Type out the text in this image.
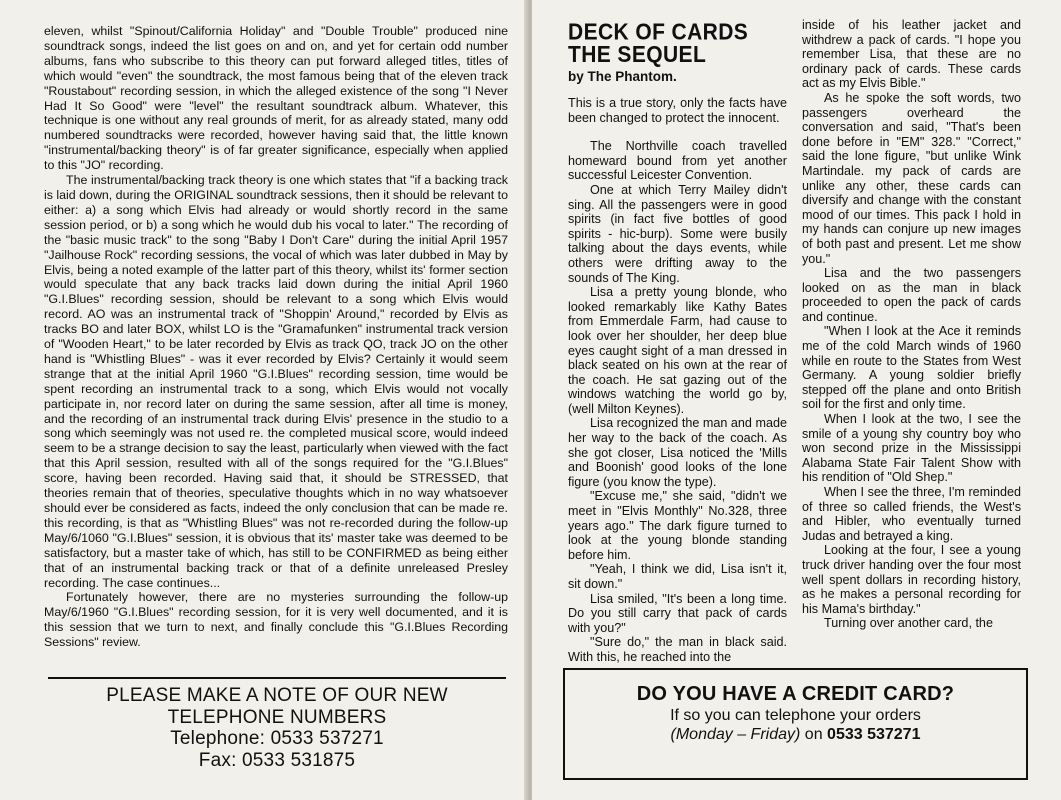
eleven, whilst "Spinout/California Holiday" and "Double Trouble" produced nine soundtrack songs, indeed the list goes on and on, and yet for certain odd number albums, fans who subscribe to this theory can put forward alleged titles, titles of which would "even" the soundtrack, the most famous being that of the eleven track "Roustabout" recording session, in which the alleged existence of the song "I Never Had It So Good" were "level" the resultant soundtrack album. Whatever, this technique is one without any real grounds of merit, for as already stated, many odd numbered soundtracks were recorded, however having said that, the little known "instrumental/backing theory" is of far greater significance, especially when applied to this "JO" recording.

The instrumental/backing track theory is one which states that "if a backing track is laid down, during the ORIGINAL soundtrack sessions, then it should be relevant to either: a) a song which Elvis had already or would shortly record in the same session period, or b) a song which he would dub his vocal to later." The recording of the "basic music track" to the song "Baby I Don't Care" during the initial April 1957 "Jailhouse Rock" recording sessions, the vocal of which was later dubbed in May by Elvis, being a noted example of the latter part of this theory, whilst its' former section would speculate that any back tracks laid down during the initial April 1960 "G.I.Blues" recording session, should be relevant to a song which Elvis would record. AO was an instrumental track of "Shoppin' Around," recorded by Elvis as tracks BO and later BOX, whilst LO is the "Gramafunken" instrumental track version of "Wooden Heart," to be later recorded by Elvis as track QO, track JO on the other hand is "Whistling Blues" - was it ever recorded by Elvis? Certainly it would seem strange that at the initial April 1960 "G.I.Blues" recording session, time would be spent recording an instrumental track to a song, which Elvis would not vocally participate in, nor record later on during the same session, after all time is money, and the recording of an instrumental track during Elvis' presence in the studio to a song which seemingly was not used re. the completed musical score, would indeed seem to be a strange decision to say the least, particularly when viewed with the fact that this April session, resulted with all of the songs required for the "G.I.Blues" score, having been recorded. Having said that, it should be STRESSED, that theories remain that of theories, speculative thoughts which in no way whatsoever should ever be considered as facts, indeed the only conclusion that can be made re. this recording, is that as "Whistling Blues" was not re-recorded during the follow-up May/6/1060 "G.I.Blues" session, it is obvious that its' master take was deemed to be satisfactory, but a master take of which, has still to be CONFIRMED as being either that of an instrumental backing track or that of a definite unreleased Presley recording. The case continues...

Fortunately however, there are no mysteries surrounding the follow-up May/6/1960 "G.I.Blues" recording session, for it is very well documented, and it is this session that we turn to next, and finally conclude this "G.I.Blues Recording Sessions" review.

PLEASE MAKE A NOTE OF OUR NEW
TELEPHONE NUMBERS
Telephone: 0533 537271
Fax: 0533 531875
DECK OF CARDS
THE SEQUEL
by The Phantom.

This is a true story, only the facts have been changed to protect the innocent.

The Northville coach travelled homeward bound from yet another successful Leicester Convention.

One at which Terry Mailey didn't sing. All the passengers were in good spirits (in fact five bottles of good spirits - hic-burp). Some were busily talking about the days events, while others were drifting away to the sounds of The King.

Lisa a pretty young blonde, who looked remarkably like Kathy Bates from Emmerdale Farm, had cause to look over her shoulder, her deep blue eyes caught sight of a man dressed in black seated on his own at the rear of the coach. He sat gazing out of the windows watching the world go by, (well Milton Keynes).

Lisa recognized the man and made her way to the back of the coach. As she got closer, Lisa noticed the 'Mills and Boonish' good looks of the lone figure (you know the type).

"Excuse me," she said, "didn't we meet in "Elvis Monthly" No.328, three years ago." The dark figure turned to look at the young blonde standing before him.

"Yeah, I think we did, Lisa isn't it, sit down."

Lisa smiled, "It's been a long time. Do you still carry that pack of cards with you?"

"Sure do," the man in black said. With this, he reached into the

inside of his leather jacket and withdrew a pack of cards. "I hope you remember Lisa, that these are no ordinary pack of cards. These cards act as my Elvis Bible."

As he spoke the soft words, two passengers overheard the conversation and said, "That's been done before in "EM" 328." "Correct," said the lone figure, "but unlike Wink Martindale. my pack of cards are unlike any other, these cards can diversify and change with the constant mood of our times. This pack I hold in my hands can conjure up new images of both past and present. Let me show you."

Lisa and the two passengers looked on as the man in black proceeded to open the pack of cards and continue.

"When I look at the Ace it reminds me of the cold March winds of 1960 while en route to the States from West Germany. A young soldier briefly stepped off the plane and onto British soil for the first and only time.

When I look at the two, I see the smile of a young shy country boy who won second prize in the Mississippi Alabama State Fair Talent Show with his rendition of "Old Shep."

When I see the three, I'm reminded of three so called friends, the West's and Hibler, who eventually turned Judas and betrayed a king.

Looking at the four, I see a young truck driver handing over the four most well spent dollars in recording history, as he makes a personal recording for his Mama's birthday."

Turning over another card, the

DO YOU HAVE A CREDIT CARD?
If so you can telephone your orders
(Monday – Friday) on 0533 537271
